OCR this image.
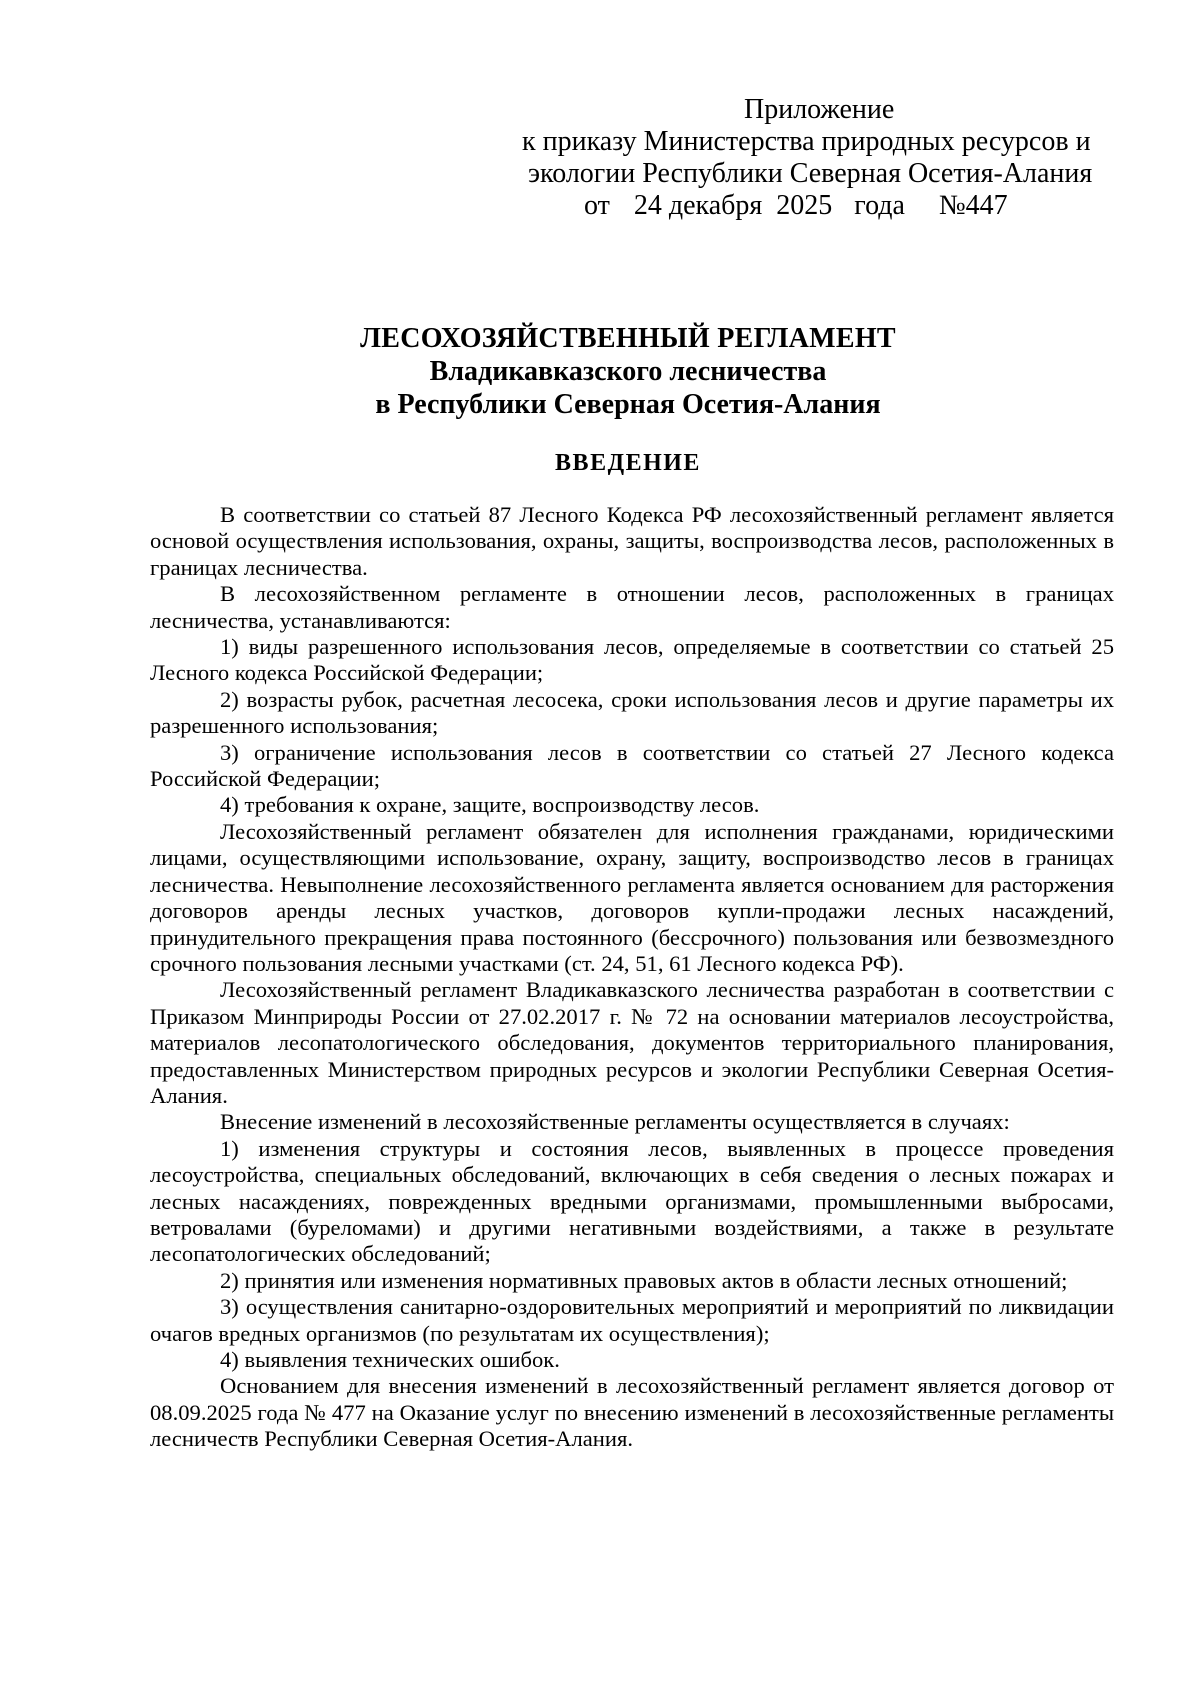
Приложение
к приказу Министерства природных ресурсов и
экологии Республики Северная Осетия-Алания
от 24 декабря  2025 года №447
ЛЕСОХОЗЯЙСТВЕННЫЙ РЕГЛАМЕНТ
Владикавказского лесничества
в Республики Северная Осетия-Алания
ВВЕДЕНИЕ

В соответствии со статьей 87 Лесного Кодекса РФ лесохозяйственный регламент является основой осуществления использования, охраны, защиты, воспроизводства лесов, расположенных в границах лесничества.

В лесохозяйственном регламенте в отношении лесов, расположенных в границах лесничества, устанавливаются:

1) виды разрешенного использования лесов, определяемые в соответствии со статьей 25 Лесного кодекса Российской Федерации;

2) возрасты рубок, расчетная лесосека, сроки использования лесов и другие параметры их разрешенного использования;

3) ограничение использования лесов в соответствии со статьей 27 Лесного кодекса Российской Федерации;

4) требования к охране, защите, воспроизводству лесов.

Лесохозяйственный регламент обязателен для исполнения гражданами, юридическими лицами, осуществляющими использование, охрану, защиту, воспроизводство лесов в границах лесничества. Невыполнение лесохозяйственного регламента является основанием для расторжения договоров аренды лесных участков, договоров купли-продажи лесных насаждений, принудительного прекращения права постоянного (бессрочного) пользования или безвозмездного срочного пользования лесными участками (ст. 24, 51, 61 Лесного кодекса РФ).

Лесохозяйственный регламент Владикавказского лесничества разработан в соответствии с Приказом Минприроды России от 27.02.2017 г. № 72 на основании материалов лесоустройства, материалов лесопатологического обследования, документов территориального планирования, предоставленных Министерством природных ресурсов и экологии Республики Северная Осетия-Алания.

Внесение изменений в лесохозяйственные регламенты осуществляется в случаях:

1) изменения структуры и состояния лесов, выявленных в процессе проведения лесоустройства, специальных обследований, включающих в себя сведения о лесных пожарах и лесных насаждениях, поврежденных вредными организмами, промышленными выбросами, ветровалами (буреломами) и другими негативными воздействиями, а также в результате лесопатологических обследований;

2) принятия или изменения нормативных правовых актов в области лесных отношений;

3) осуществления санитарно-оздоровительных мероприятий и мероприятий по ликвидации очагов вредных организмов (по результатам их осуществления);

4) выявления технических ошибок.

Основанием для внесения изменений в лесохозяйственный регламент является договор от 08.09.2025 года № 477 на Оказание услуг по внесению изменений в лесохозяйственные регламенты лесничеств Республики Северная Осетия-Алания.
